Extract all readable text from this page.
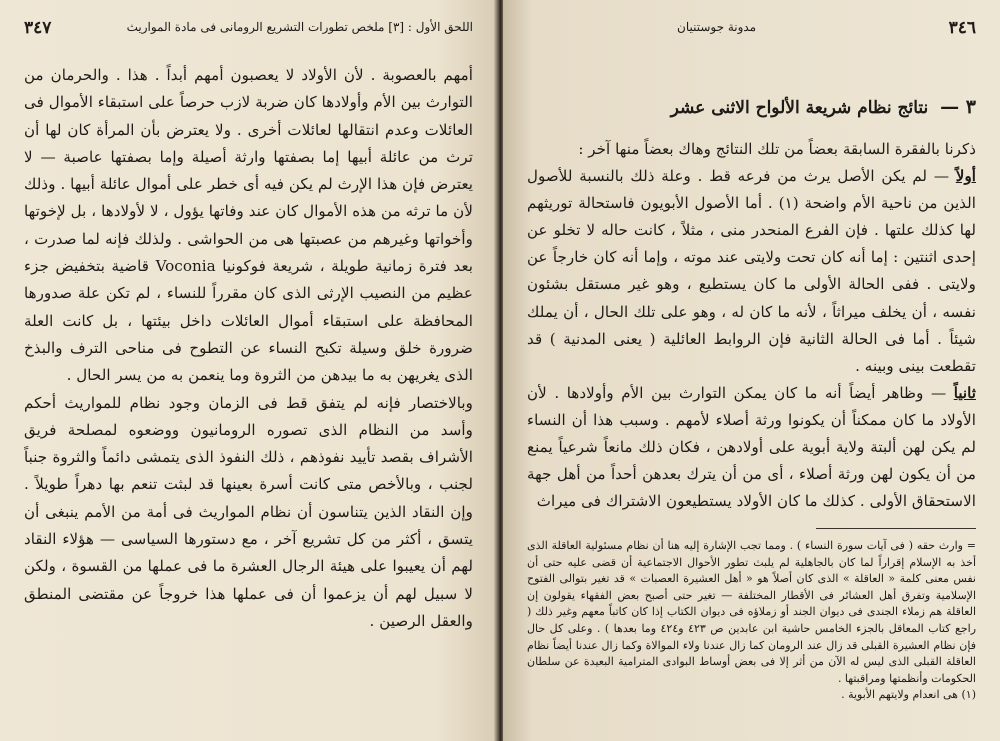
٣٤٧	اللحق الأول : [٣] ملخص تطورات التشريع الرومانى فى مادة المواريث

أمهم بالعصوبة . لأن الأولاد لا يعصبون أمهم أبداً . هذا . والحرمان من التوارث بين الأم وأولادها كان ضربة لازب حرصاً على استبقاء الأموال فى العائلات وعدم انتقالها لعائلات أخرى . ولا يعترض بأن المرأة كان لها أن ترث من عائلة أبيها إما بصفتها وارثة أصيلة وإما بصفتها عاصبة — لا يعترض فإن هذا الإرث لم يكن فيه أى خطر على أموال عائلة أبيها . وذلك لأن ما ترثه من هذه الأموال كان عند وفاتها يؤول ، لا لأولادها ، بل لإخوتها وأخواتها وغيرهم من عصبتها هى من الحواشى . ولذلك فإنه لما صدرت ، بعد فترة زمانية طويلة ، شريعة فوكونيا Voconia قاضية بتخفيض جزء عظيم من النصيب الإرثى الذى كان مقرراً للنساء ، لم تكن علة صدورها المحافظة على استبقاء أموال العائلات داخل بيئتها ، بل كانت العلة ضرورة خلق وسيلة تكبح النساء عن التطوح فى مناحى الترف والبذخ الذى يغريهن به ما بيدهن من الثروة وما ينعمن به من يسر الحال .

وبالاختصار فإنه لم يتفق قط فى الزمان وجود نظام للمواريث أحكم وأسد من النظام الذى تصوره الرومانيون ووضعوه لمصلحة فريق الأشراف بقصد تأييد نفوذهم ، ذلك النفوذ الذى يتمشى دائماً والثروة جنباً لجنب ، وبالأخص متى كانت أسرة بعينها قد لبثت تنعم بها دهراً طويلاً . وإن النقاد الذين يتناسون أن نظام المواريث فى أمة من الأمم ينبغى أن يتسق ، أكثر من كل تشريع آخر ، مع دستورها السياسى — هؤلاء النقاد لهم أن يعيبوا على هيئة الرجال العشرة ما فى عملها من القسوة ، ولكن لا سبيل لهم أن يزعموا أن فى عملها هذا خروجاً عن مقتضى المنطق والعقل الرصين .

٣٤٦
مدونة جوستنيان
٣ — نتائج نظام شريعة الألواح الاثنى عشر

ذكرنا بالفقرة السابقة بعضاً من تلك النتائج وهاك بعضاً منها آخر :

أولاً — لم يكن الأصل يرث من فرعه قط . وعلة ذلك بالنسبة للأصول الذين من ناحية الأم واضحة (١) . أما الأصول الأبويون فاستحالة توريثهم لها كذلك علتها . فإن الفرع المنحدر منى ، مثلاً ، كانت حاله لا تخلو عن إحدى اثنتين : إما أنه كان تحت ولايتى عند موته ، وإما أنه كان خارجاً عن ولايتى . ففى الحالة الأولى ما كان يستطيع ، وهو غير مستقل بشئون نفسه ، أن يخلف ميراثاً ، لأنه ما كان له ، وهو على تلك الحال ، أن يملك شيئاً . أما فى الحالة الثانية فإن الروابط العائلية ( يعنى المدنية ) قد تقطعت بينى وبينه .

ثانياً — وظاهر أيضاً أنه ما كان يمكن التوارث بين الأم وأولادها . لأن الأولاد ما كان ممكناً أن يكونوا ورثة أصلاء لأمهم . وسبب هذا أن النساء لم يكن لهن ألبتة ولاية أبوية على أولادهن ، فكان ذلك مانعاً شرعياً يمنع من أن يكون لهن ورثة أصلاء ، أى من أن يترك بعدهن أحداً من أهل جهة الاستحقاق الأولى . كذلك ما كان الأولاد يستطيعون الاشتراك فى ميراث

= وارث حقه ( فى آيات سورة النساء ) . ومما تجب الإشارة إليه هنا أن نظام مسئولية العاقلة الذى أخذ به الإسلام إقراراً لما كان بالجاهلية لم يلبث تطور الأحوال الاجتماعية أن قضى عليه حتى أن نفس معنى كلمة « العاقلة » الذى كان أصلاً هو « أهل العشيرة العصبات » قد تغير بتوالى الفتوح الإسلامية وتفرق أهل العشائر فى الأقطار المختلفة — تغير حتى أصبح بعض الفقهاء يقولون إن العاقلة هم زملاء الجندى فى ديوان الجند أو زملاؤه فى ديوان الكتاب إذا كان كاتباً معهم وغير ذلك ( راجع كتاب المعاقل بالجزء الخامس حاشية ابن عابدين ص ٤٢٣ و٤٢٤ وما بعدها ) . وعلى كل حال فإن نظام العشيرة القبلى قد زال عند الرومان كما زال عندنا ولاء الموالاة وكما زال عندنا أيضاً نظام العاقلة القبلى الذى ليس له الآن من أثر إلا فى بعض أوساط البوادى المترامية البعيدة عن سلطان الحكومات وأنظمتها ومراقبتها .
(١) هى انعدام ولايتهم الأبوية .
